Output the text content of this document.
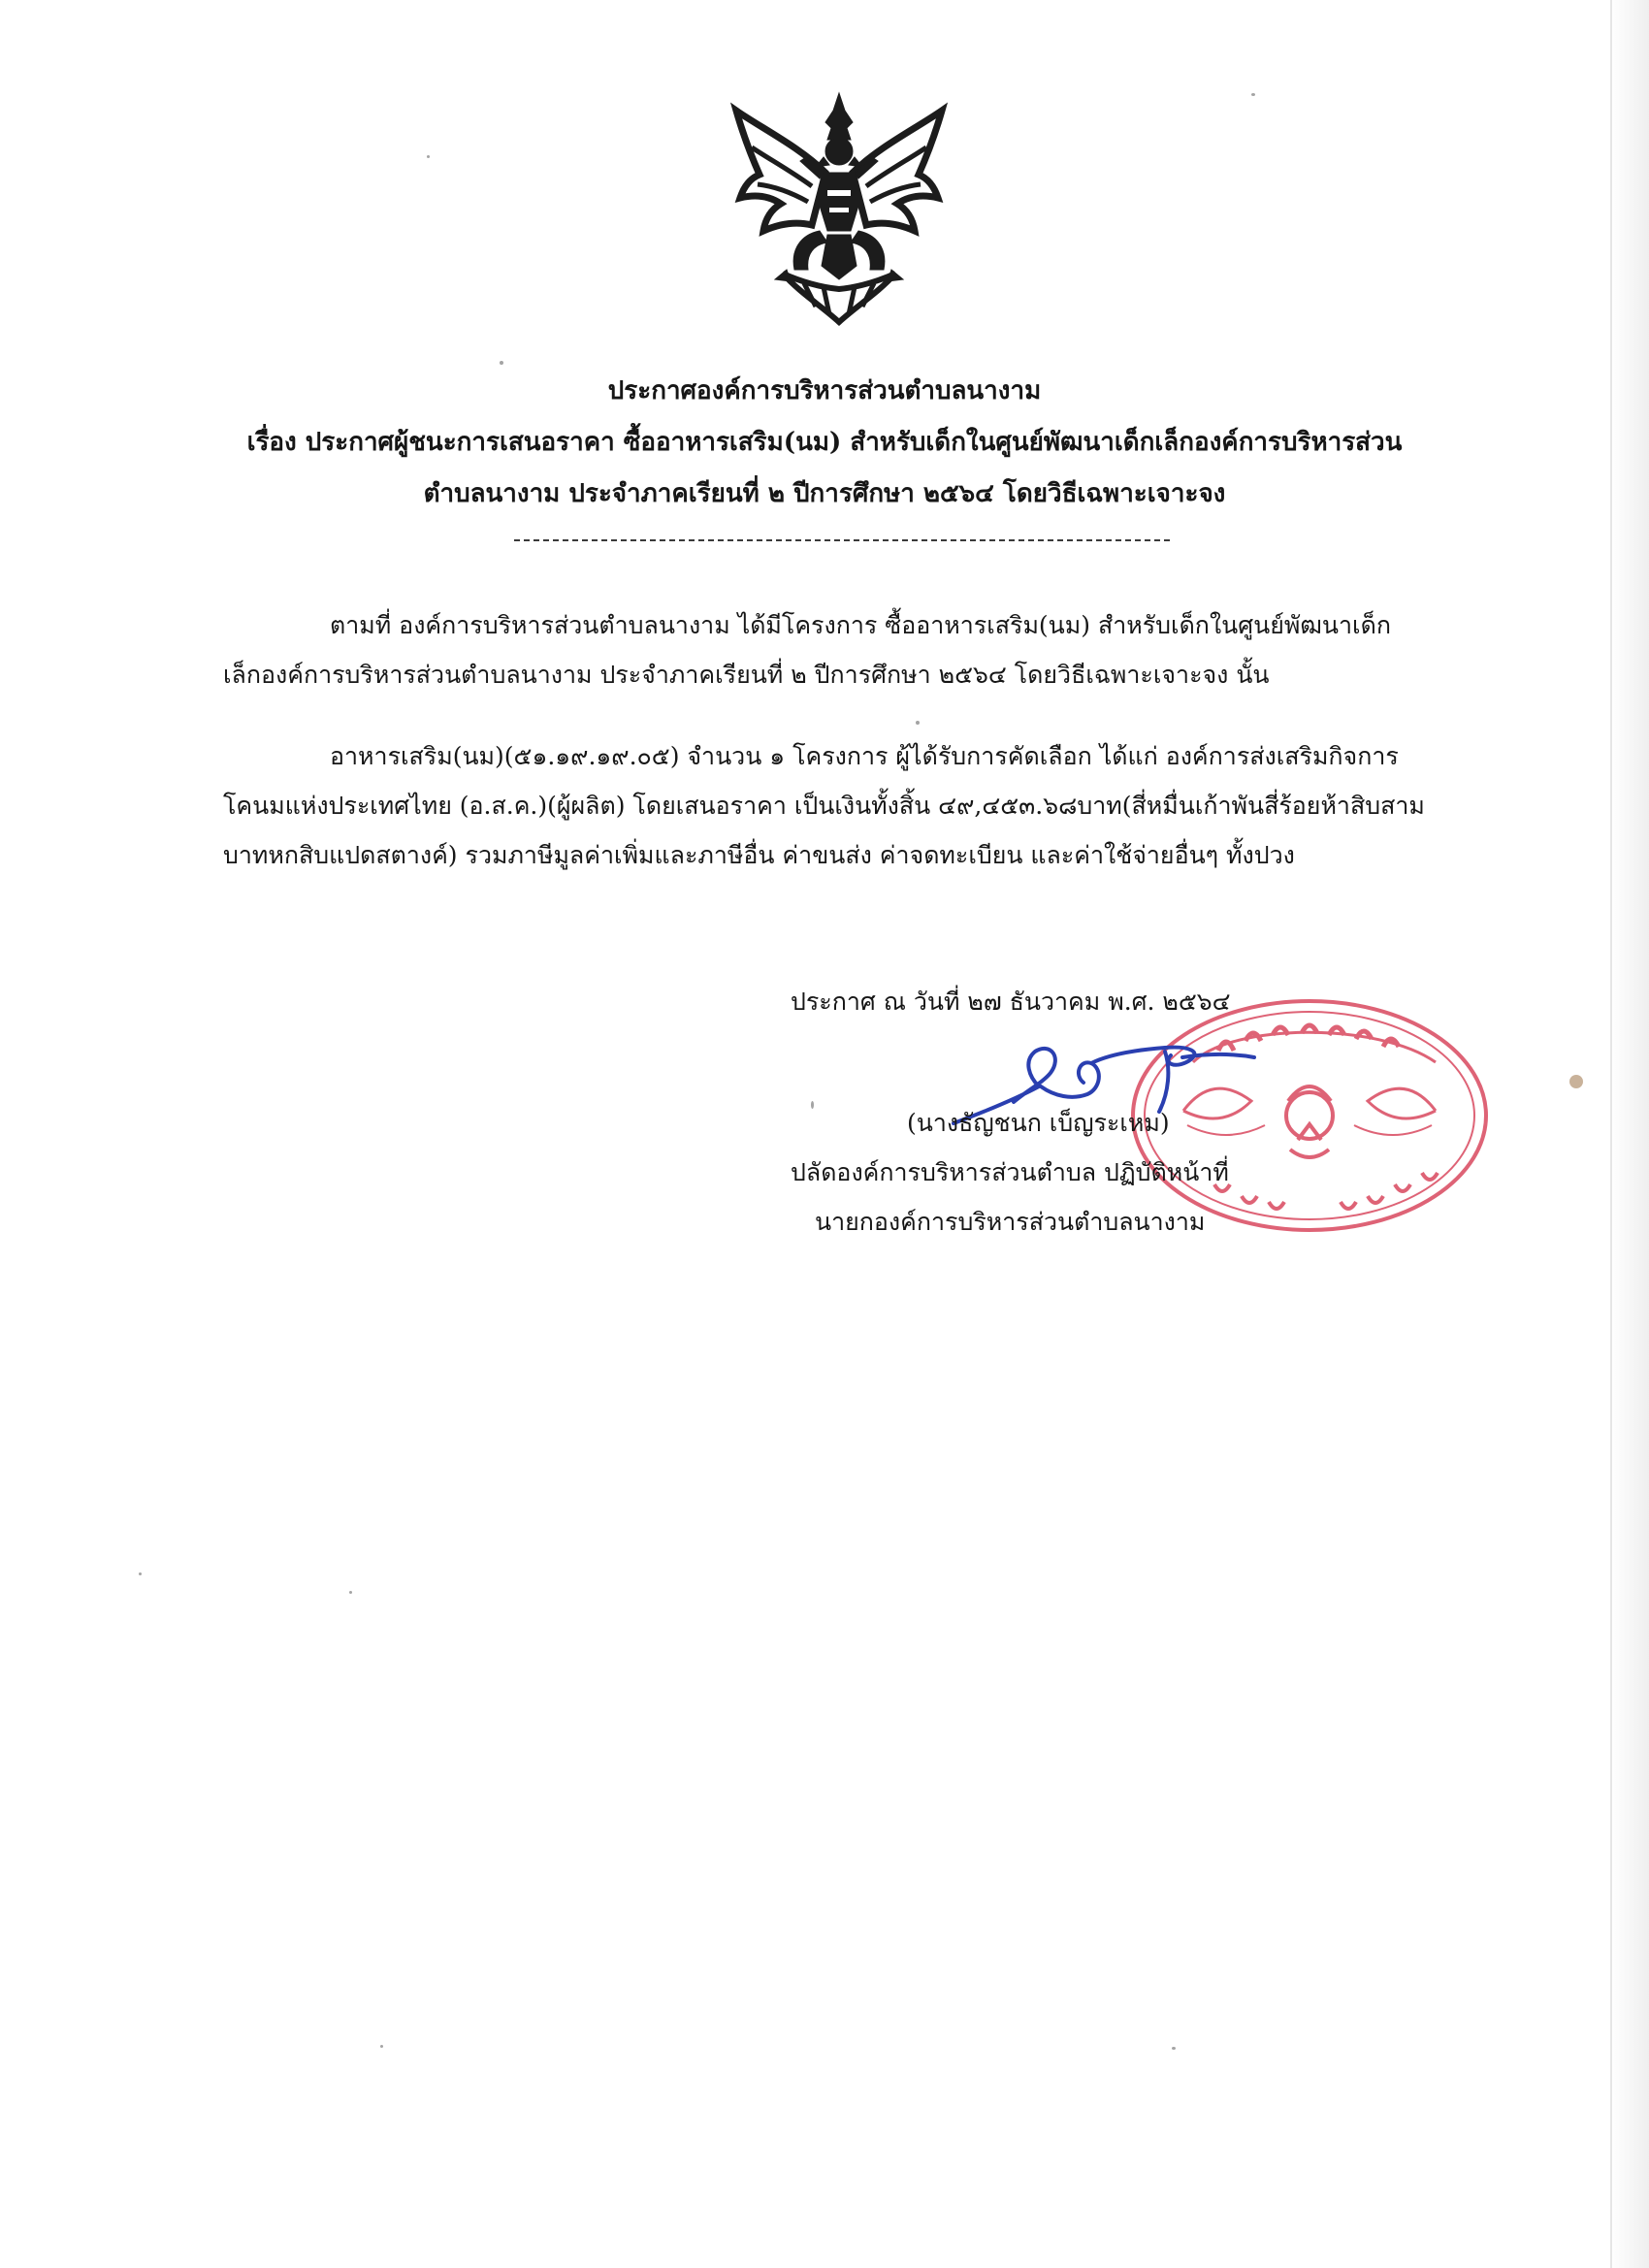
ประกาศองค์การบริหารส่วนตำบลนางาม
เรื่อง ประกาศผู้ชนะการเสนอราคา ซื้ออาหารเสริม(นม) สำหรับเด็กในศูนย์พัฒนาเด็กเล็กองค์การบริหารส่วน
ตำบลนางาม ประจำภาคเรียนที่ ๒ ปีการศึกษา ๒๕๖๔ โดยวิธีเฉพาะเจาะจง
ตามที่ องค์การบริหารส่วนตำบลนางาม ได้มีโครงการ ซื้ออาหารเสริม(นม) สำหรับเด็กในศูนย์พัฒนาเด็ก
เล็กองค์การบริหารส่วนตำบลนางาม ประจำภาคเรียนที่ ๒ ปีการศึกษา ๒๕๖๔ โดยวิธีเฉพาะเจาะจง นั้น
อาหารเสริม(นม)(๕๑.๑๙.๑๙.๐๕) จำนวน ๑ โครงการ ผู้ได้รับการคัดเลือก ได้แก่ องค์การส่งเสริมกิจการ
โคนมแห่งประเทศไทย (อ.ส.ค.)(ผู้ผลิต) โดยเสนอราคา เป็นเงินทั้งสิ้น ๔๙,๔๕๓.๖๘บาท(สี่หมื่นเก้าพันสี่ร้อยห้าสิบสาม
บาทหกสิบแปดสตางค์) รวมภาษีมูลค่าเพิ่มและภาษีอื่น ค่าขนส่ง ค่าจดทะเบียน และค่าใช้จ่ายอื่นๆ ทั้งปวง
ประกาศ ณ วันที่ ๒๗ ธันวาคม พ.ศ. ๒๕๖๔
(นางธัญชนก เบ็ญระเหม)
ปลัดองค์การบริหารส่วนตำบล ปฏิบัติหน้าที่
นายกองค์การบริหารส่วนตำบลนางาม
